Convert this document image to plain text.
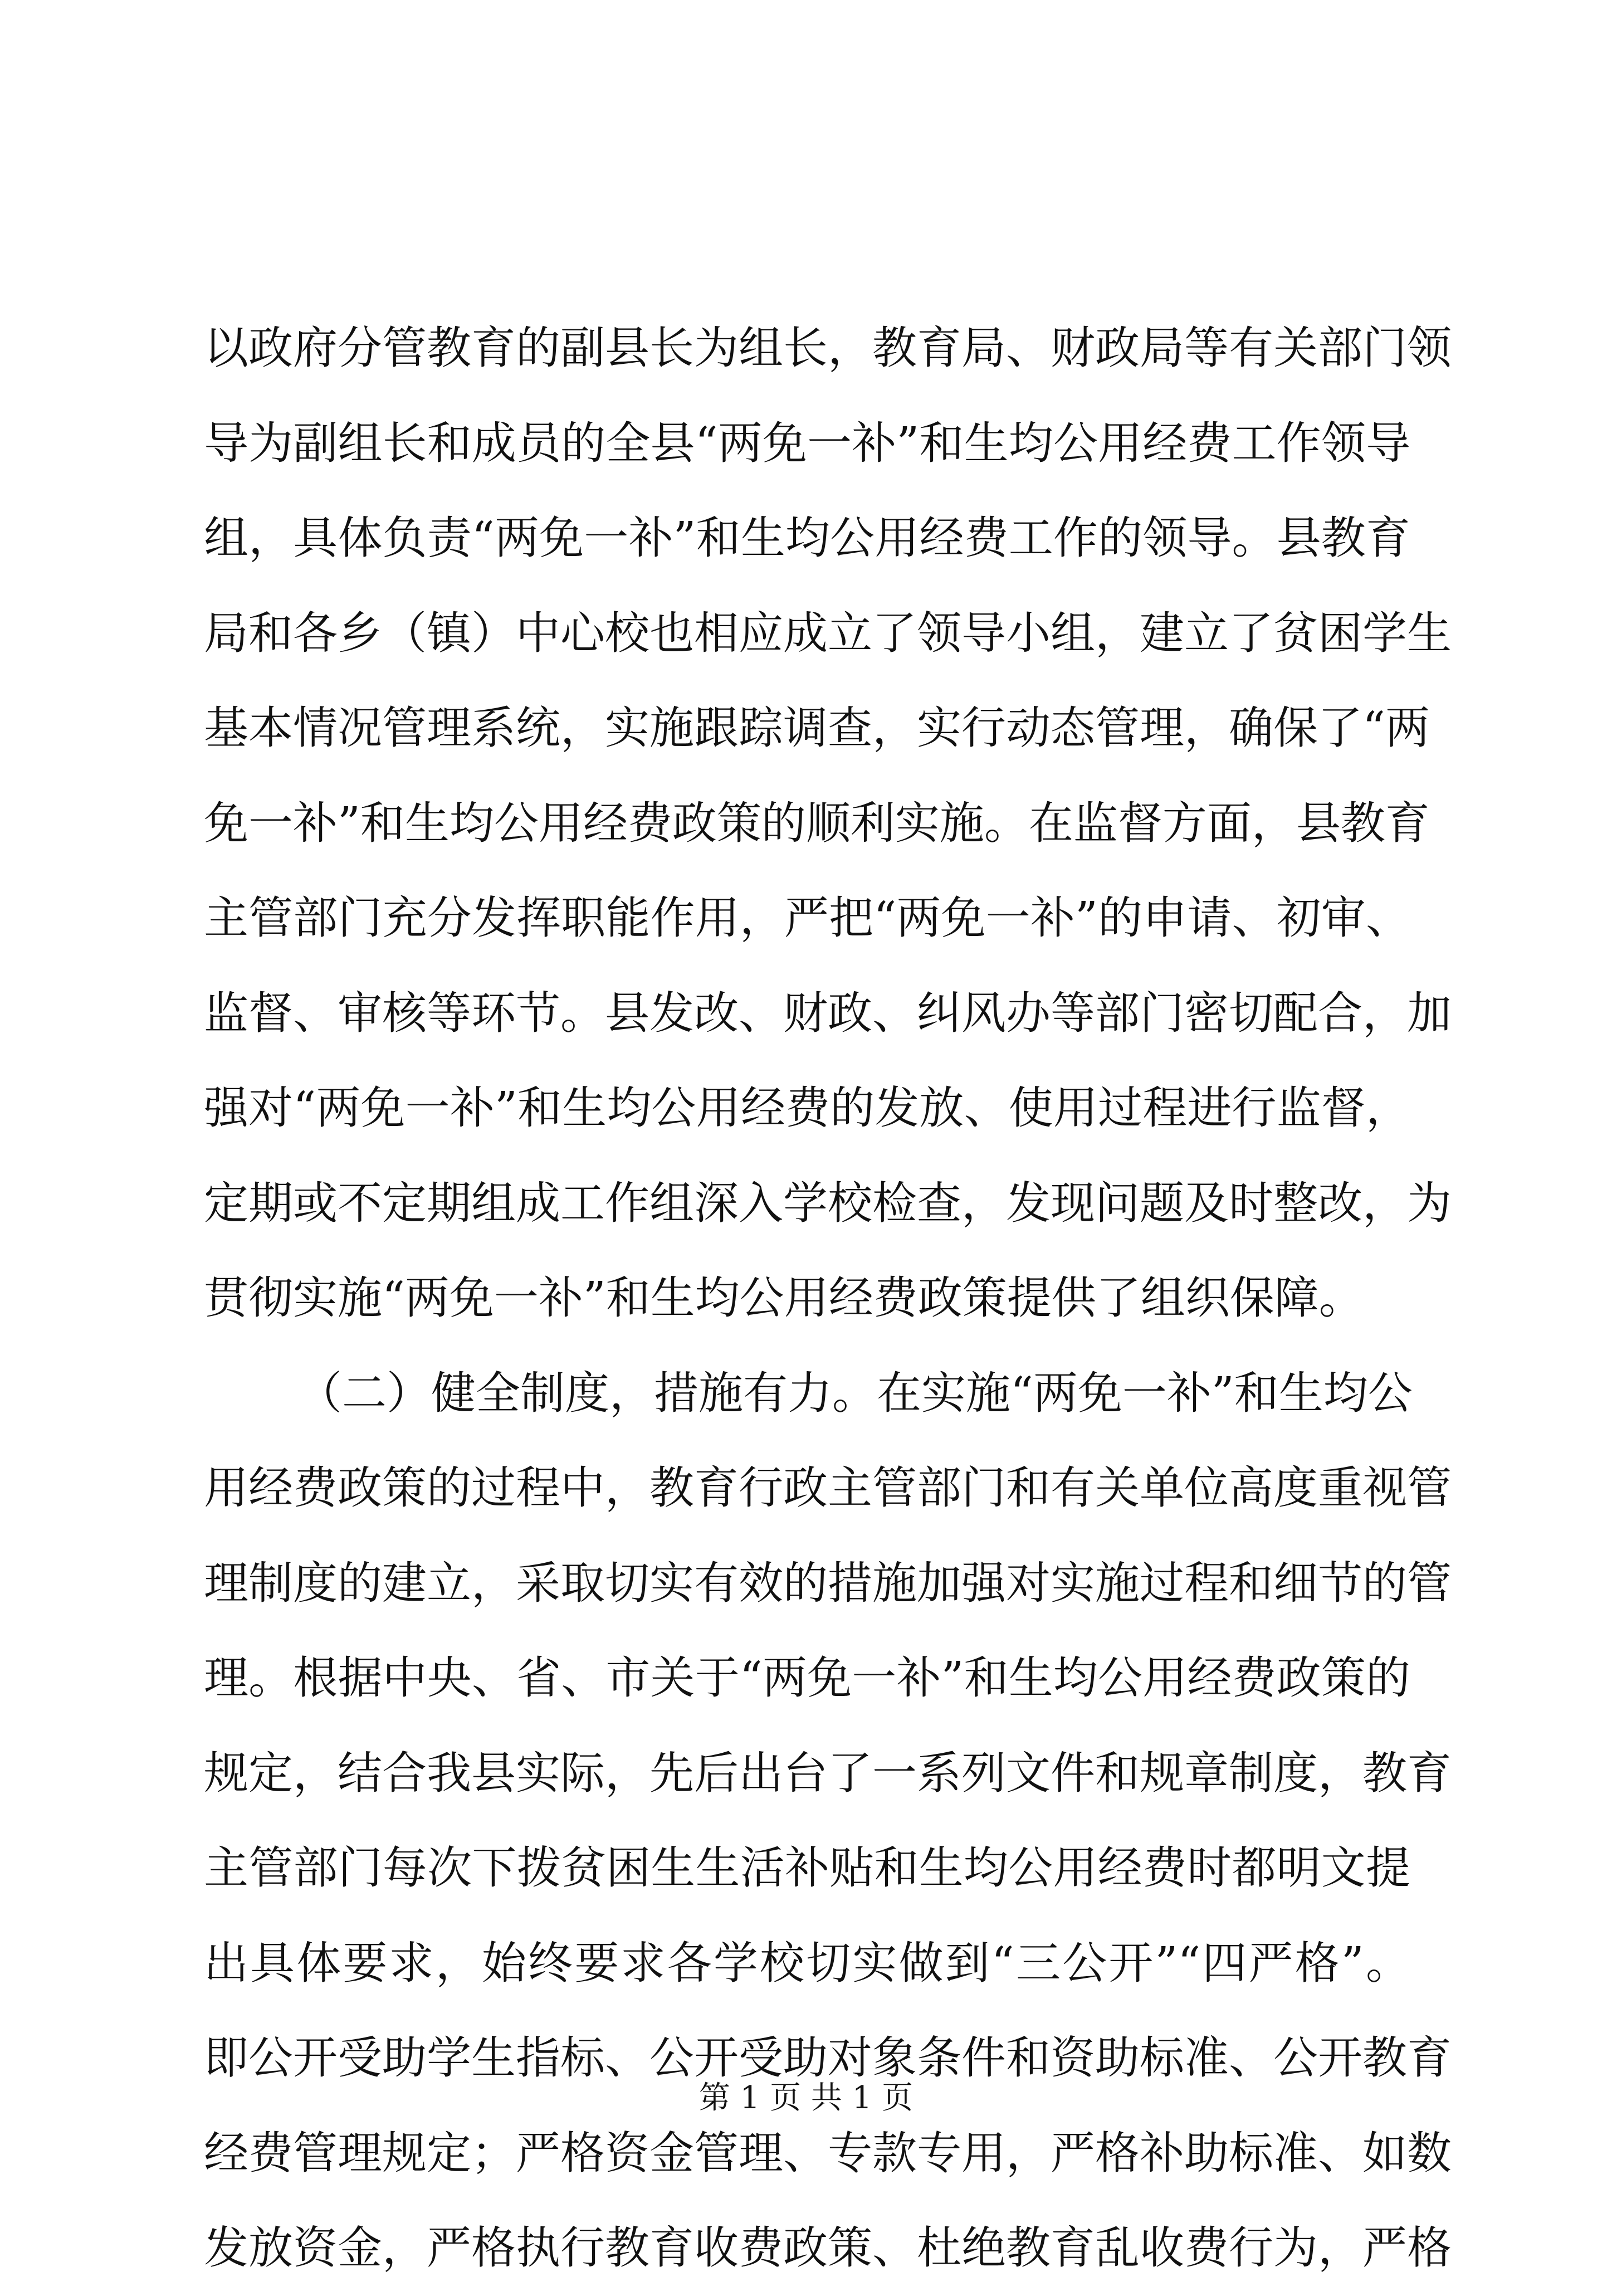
以政府分管教育的副县长为组长，教育局、财政局等有关部门领
导为副组长和成员的全县“两免一补”和生均公用经费工作领导
组，具体负责“两免一补”和生均公用经费工作的领导。县教育
局和各乡（镇）中心校也相应成立了领导小组，建立了贫困学生
基本情况管理系统，实施跟踪调查，实行动态管理，确保了“两
免一补”和生均公用经费政策的顺利实施。在监督方面，县教育
主管部门充分发挥职能作用，严把“两免一补”的申请、初审、
监督、审核等环节。县发改、财政、纠风办等部门密切配合，加
强对“两免一补”和生均公用经费的发放、使用过程进行监督，
定期或不定期组成工作组深入学校检查，发现问题及时整改，为
贯彻实施“两免一补”和生均公用经费政策提供了组织保障。
（二）健全制度，措施有力。在实施“两免一补”和生均公
用经费政策的过程中，教育行政主管部门和有关单位高度重视管
理制度的建立，采取切实有效的措施加强对实施过程和细节的管
理。根据中央、省、市关于“两免一补”和生均公用经费政策的
规定，结合我县实际，先后出台了一系列文件和规章制度，教育
主管部门每次下拨贫困生生活补贴和生均公用经费时都明文提
出具体要求，始终要求各学校切实做到“三公开”“四严格”。
即公开受助学生指标、公开受助对象条件和资助标准、公开教育
经费管理规定；严格资金管理、专款专用，严格补助标准、如数
发放资金，严格执行教育收费政策、杜绝教育乱收费行为，严格
第 1 页 共 1 页
